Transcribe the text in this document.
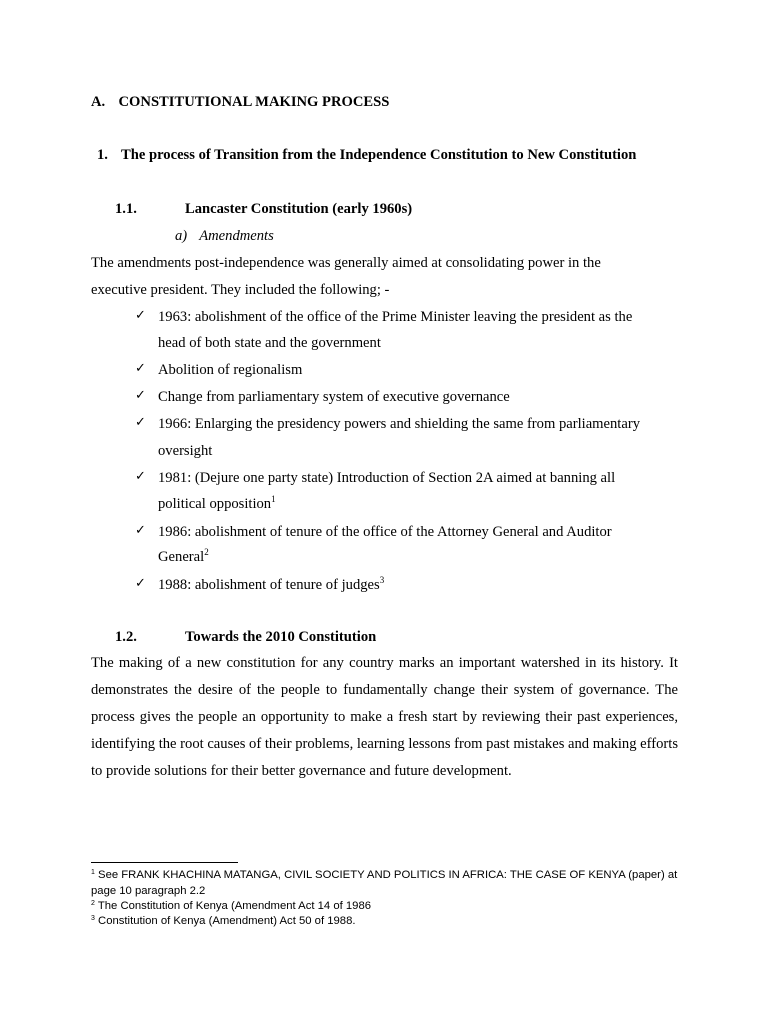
A. CONSTITUTIONAL MAKING PROCESS
1. The process of Transition from the Independence Constitution to New Constitution
1.1.	Lancaster Constitution (early 1960s)
a) Amendments
The amendments post-independence was generally aimed at consolidating power in the
executive president. They included the following; -
✓ 1963: abolishment of the office of the Prime Minister leaving the president as the
head of both state and the government
✓ Abolition of regionalism
✓ Change from parliamentary system of executive governance
✓ 1966: Enlarging the presidency powers and shielding the same from parliamentary
oversight
✓ 1981: (Dejure one party state) Introduction of Section 2A aimed at banning all
political opposition$^1$
✓ 1986: abolishment of tenure of the office of the Attorney General and Auditor
General$^2$
✓ 1988: abolishment of tenure of judges$^3$
1.2.	Towards the 2010 Constitution
The making of a new constitution for any country marks an important watershed in its history. It demonstrates the desire of the people to fundamentally change their system of governance. The process gives the people an opportunity to make a fresh start by reviewing their past experiences, identifying the root causes of their problems, learning lessons from past mistakes and making efforts to provide solutions for their better governance and future development.
$^1$ See FRANK KHACHINA MATANGA, CIVIL SOCIETY AND POLITICS IN AFRICA: THE CASE OF KENYA (paper) at page 10 paragraph 2.2
$^2$ The Constitution of Kenya (Amendment Act 14 of 1986
$^3$ Constitution of Kenya (Amendment) Act 50 of 1988.
